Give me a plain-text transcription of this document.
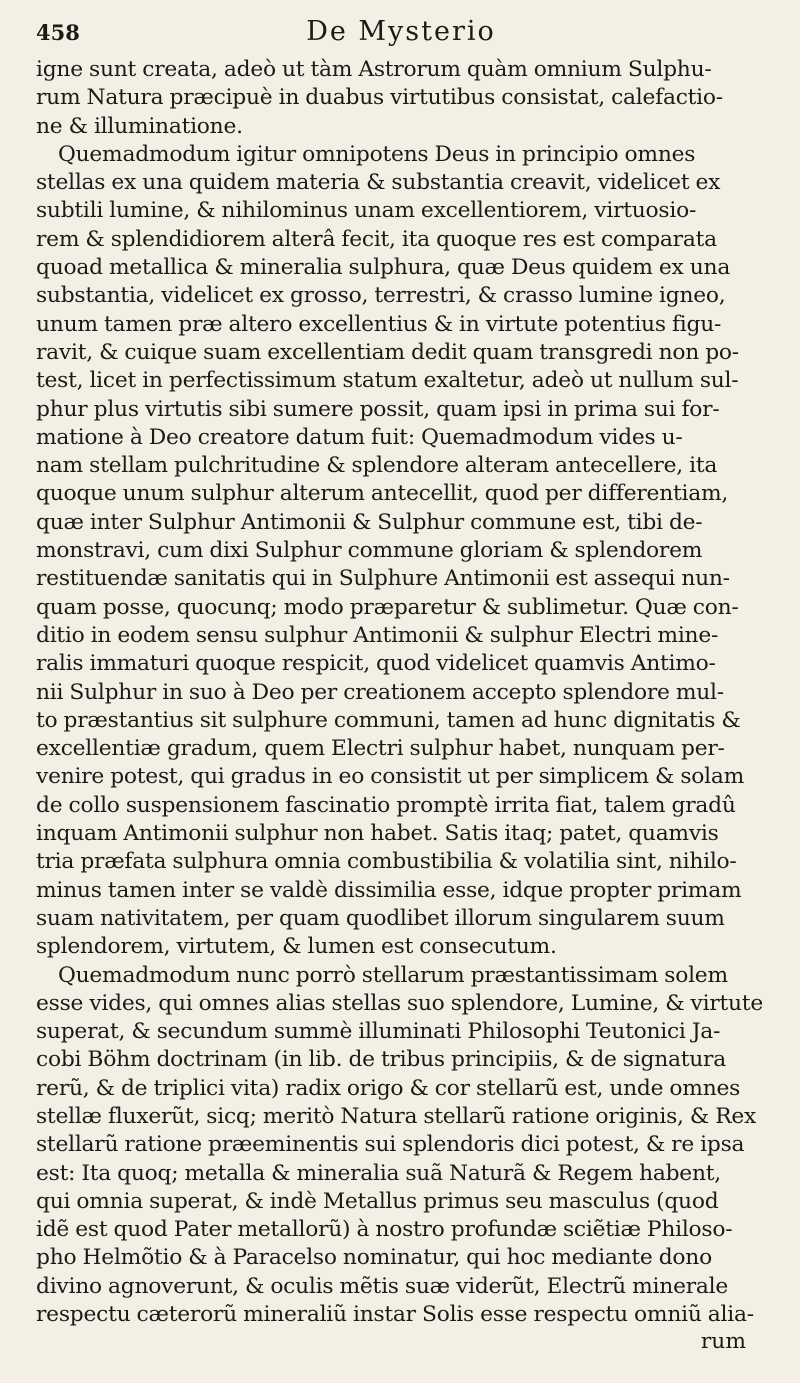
458	De Mysterio
igne sunt creata, adeò ut tàm Astrorum quàm omnium Sulphu-
rum Natura præcipuè in duabus virtutibus consistat, calefactio-
ne & illuminatione.
Quemadmodum igitur omnipotens Deus in principio omnes
stellas ex una quidem materia & substantia creavit, videlicet ex
subtili lumine, & nihilominus unam excellentiorem, virtuosio-
rem & splendidiorem alterâ fecit, ita quoque res est comparata
quoad metallica & mineralia sulphura, quæ Deus quidem ex una
substantia, videlicet ex grosso, terrestri, & crasso lumine igneo,
unum tamen præ altero excellentius & in virtute potentius figu-
ravit, & cuique suam excellentiam dedit quam transgredi non po-
test, licet in perfectissimum statum exaltetur, adeò ut nullum sul-
phur plus virtutis sibi sumere possit, quam ipsi in prima sui for-
matione à Deo creatore datum fuit: Quemadmodum vides u-
nam stellam pulchritudine & splendore alteram antecellere, ita
quoque unum sulphur alterum antecellit, quod per differentiam,
quæ inter Sulphur Antimonii & Sulphur commune est, tibi de-
monstravi, cum dixi Sulphur commune gloriam & splendorem
restituendæ sanitatis qui in Sulphure Antimonii est assequi nun-
quam posse, quocunq; modo præparetur & sublimetur. Quæ con-
ditio in eodem sensu sulphur Antimonii & sulphur Electri mine-
ralis immaturi quoque respicit, quod videlicet quamvis Antimo-
nii Sulphur in suo à Deo per creationem accepto splendore mul-
to præstantius sit sulphure communi, tamen ad hunc dignitatis &
excellentiæ gradum, quem Electri sulphur habet, nunquam per-
venire potest, qui gradus in eo consistit ut per simplicem & solam
de collo suspensionem fascinatio promptè irrita fiat, talem gradû
inquam Antimonii sulphur non habet. Satis itaq; patet, quamvis
tria præfata sulphura omnia combustibilia & volatilia sint, nihilo-
minus tamen inter se valdè dissimilia esse, idque propter primam
suam nativitatem, per quam quodlibet illorum singularem suum
splendorem, virtutem, & lumen est consecutum.
Quemadmodum nunc porrò stellarum præstantissimam solem
esse vides, qui omnes alias stellas suo splendore, Lumine, & virtute
superat, & secundum summè illuminati Philosophi Teutonici Ja-
cobi Böhm doctrinam (in lib. de tribus principiis, & de signatura
rerũ, & de triplici vita) radix origo & cor stellarũ est, unde omnes
stellæ fluxerũt, sicq; meritò Natura stellarũ ratione originis, & Rex
stellarũ ratione præeminentis sui splendoris dici potest, & re ipsa
est: Ita quoq; metalla & mineralia suã Naturã & Regem habent,
qui omnia superat, & indè Metallus primus seu masculus (quod
idẽ est quod Pater metallorũ) à nostro profundæ sciẽtiæ Philoso-
pho Helmõtio & à Paracelso nominatur, qui hoc mediante dono
divino agnoverunt, & oculis mẽtis suæ viderũt, Electrũ minerale
respectu cæterorũ mineraliũ instar Solis esse respectu omniũ alia-
rum
